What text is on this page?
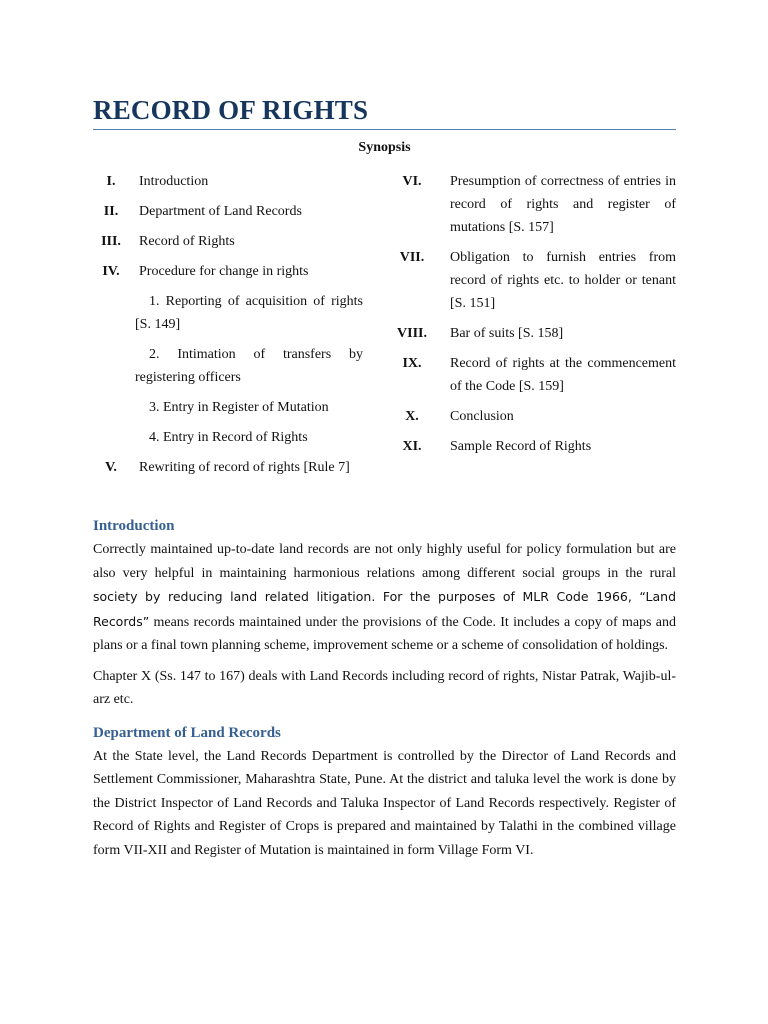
RECORD OF RIGHTS
Synopsis
I.	Introduction
II.	Department of Land Records
III.	Record of Rights
IV.	Procedure for change in rights
1. Reporting of acquisition of rights [S. 149]
2. Intimation of transfers by registering officers
3. Entry in Register of Mutation
4. Entry in Record of Rights
V.	Rewriting of record of rights [Rule 7]
VI.	Presumption of correctness of entries in record of rights and register of mutations [S. 157]
VII.	Obligation to furnish entries from record of rights etc. to holder or tenant [S. 151]
VIII.	Bar of suits [S. 158]
IX.	Record of rights at the commencement of the Code [S. 159]
X.	Conclusion
XI.	Sample Record of Rights
Introduction

Correctly maintained up-to-date land records are not only highly useful for policy formulation but are also very helpful in maintaining harmonious relations among different social groups in the rural society by reducing land related litigation. For the purposes of MLR Code 1966, “Land Records” means records maintained under the provisions of the Code. It includes a copy of maps and plans or a final town planning scheme, improvement scheme or a scheme of consolidation of holdings.

Chapter X (Ss. 147 to 167) deals with Land Records including record of rights, Nistar Patrak, Wajib-ul-arz etc.

Department of Land Records

At the State level, the Land Records Department is controlled by the Director of Land Records and Settlement Commissioner, Maharashtra State, Pune. At the district and taluka level the work is done by the District Inspector of Land Records and Taluka Inspector of Land Records respectively. Register of Record of Rights and Register of Crops is prepared and maintained by Talathi in the combined village form VII-XII and Register of Mutation is maintained in form Village Form VI.
